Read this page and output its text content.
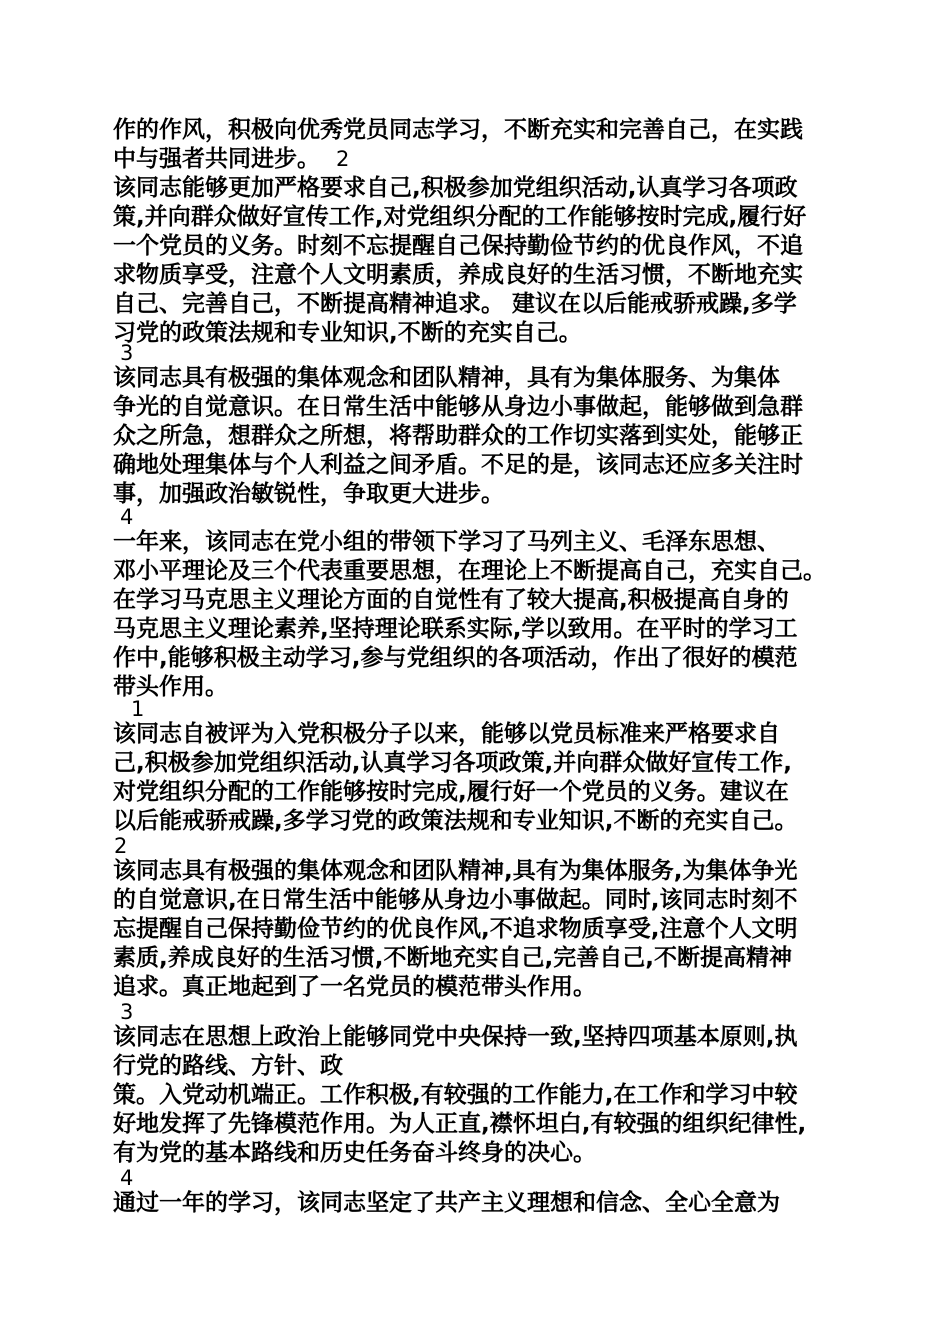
作的作风，积极向优秀党员同志学习，不断充实和完善自己，在实践
中与强者共同进步。 2
该同志能够更加严格要求自己,积极参加党组织活动,认真学习各项政
策,并向群众做好宣传工作,对党组织分配的工作能够按时完成,履行好
一个党员的义务。时刻不忘提醒自己保持勤俭节约的优良作风，不追
求物质享受，注意个人文明素质，养成良好的生活习惯，不断地充实
自己、完善自己，不断提高精神追求。 建议在以后能戒骄戒躁,多学
习党的政策法规和专业知识,不断的充实自己。
3
该同志具有极强的集体观念和团队精神，具有为集体服务、为集体
争光的自觉意识。在日常生活中能够从身边小事做起，能够做到急群
众之所急，想群众之所想，将帮助群众的工作切实落到实处，能够正
确地处理集体与个人利益之间矛盾。不足的是，该同志还应多关注时
事，加强政治敏锐性，争取更大进步。
4
一年来，该同志在党小组的带领下学习了马列主义、毛泽东思想、
邓小平理论及三个代表重要思想，在理论上不断提高自己，充实自己。
在学习马克思主义理论方面的自觉性有了较大提高,积极提高自身的
马克思主义理论素养,坚持理论联系实际,学以致用。在平时的学习工
作中,能够积极主动学习,参与党组织的各项活动，作出了很好的模范
带头作用。
1
该同志自被评为入党积极分子以来，能够以党员标准来严格要求自
己,积极参加党组织活动,认真学习各项政策,并向群众做好宣传工作,
对党组织分配的工作能够按时完成,履行好一个党员的义务。建议在
以后能戒骄戒躁,多学习党的政策法规和专业知识,不断的充实自己。
2
该同志具有极强的集体观念和团队精神,具有为集体服务,为集体争光
的自觉意识,在日常生活中能够从身边小事做起。同时,该同志时刻不
忘提醒自己保持勤俭节约的优良作风,不追求物质享受,注意个人文明
素质,养成良好的生活习惯,不断地充实自己,完善自己,不断提高精神
追求。真正地起到了一名党员的模范带头作用。
3
该同志在思想上政治上能够同党中央保持一致,坚持四项基本原则,执
行党的路线、方针、政
策。入党动机端正。工作积极,有较强的工作能力,在工作和学习中较
好地发挥了先锋模范作用。为人正直,襟怀坦白,有较强的组织纪律性,
有为党的基本路线和历史任务奋斗终身的决心。
4
通过一年的学习，该同志坚定了共产主义理想和信念、全心全意为
